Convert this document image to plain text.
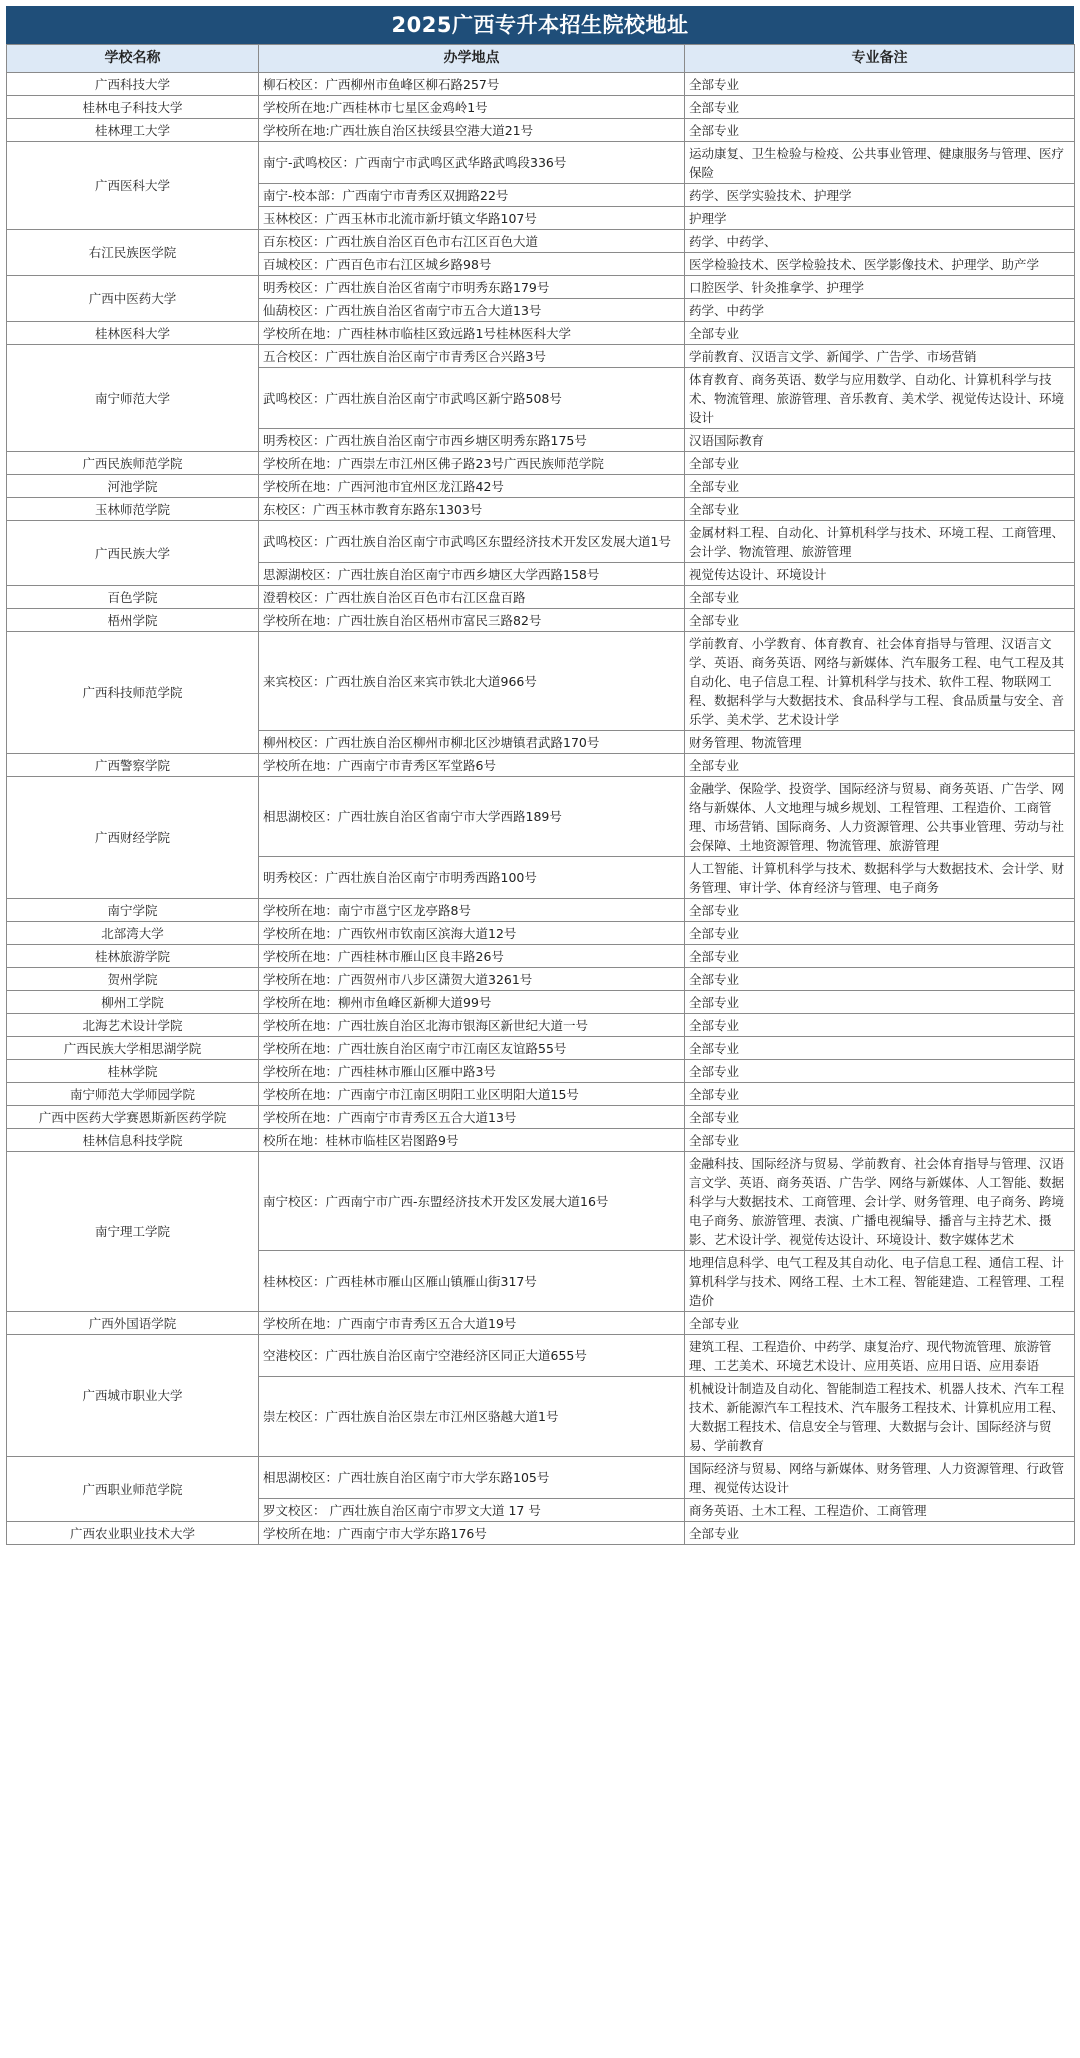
2025广西专升本招生院校地址
学校名称	办学地点	专业备注
广西科技大学	柳石校区：广西柳州市鱼峰区柳石路257号	全部专业
桂林电子科技大学	学校所在地:广西桂林市七星区金鸡岭1号	全部专业
桂林理工大学	学校所在地:广西壮族自治区扶绥县空港大道21号	全部专业
广西医科大学	南宁-武鸣校区：广西南宁市武鸣区武华路武鸣段336号	运动康复、卫生检验与检疫、公共事业管理、健康服务与管理、医疗保险
	南宁-校本部：广西南宁市青秀区双拥路22号	药学、医学实验技术、护理学
	玉林校区：广西玉林市北流市新圩镇文华路107号	护理学
右江民族医学院	百东校区：广西壮族自治区百色市右江区百色大道	药学、中药学、
	百城校区：广西百色市右江区城乡路98号	医学检验技术、医学检验技术、医学影像技术、护理学、助产学
广西中医药大学	明秀校区：广西壮族自治区省南宁市明秀东路179号	口腔医学、针灸推拿学、护理学
	仙葫校区：广西壮族自治区省南宁市五合大道13号	药学、中药学
桂林医科大学	学校所在地：广西桂林市临桂区致远路1号桂林医科大学	全部专业
南宁师范大学	五合校区：广西壮族自治区南宁市青秀区合兴路3号	学前教育、汉语言文学、新闻学、广告学、市场营销
	武鸣校区：广西壮族自治区南宁市武鸣区新宁路508号	体育教育、商务英语、数学与应用数学、自动化、计算机科学与技术、物流管理、旅游管理、音乐教育、美术学、视觉传达设计、环境设计
	明秀校区：广西壮族自治区南宁市西乡塘区明秀东路175号	汉语国际教育
广西民族师范学院	学校所在地：广西崇左市江州区佛子路23号广西民族师范学院	全部专业
河池学院	学校所在地：广西河池市宜州区龙江路42号	全部专业
玉林师范学院	东校区：广西玉林市教育东路东1303号	全部专业
广西民族大学	武鸣校区：广西壮族自治区南宁市武鸣区东盟经济技术开发区发展大道1号	金属材料工程、自动化、计算机科学与技术、环境工程、工商管理、会计学、物流管理、旅游管理
	思源湖校区：广西壮族自治区南宁市西乡塘区大学西路158号	视觉传达设计、环境设计
百色学院	澄碧校区：广西壮族自治区百色市右江区盘百路	全部专业
梧州学院	学校所在地：广西壮族自治区梧州市富民三路82号	全部专业
广西科技师范学院	来宾校区：广西壮族自治区来宾市铁北大道966号	学前教育、小学教育、体育教育、社会体育指导与管理、汉语言文学、英语、商务英语、网络与新媒体、汽车服务工程、电气工程及其自动化、电子信息工程、计算机科学与技术、软件工程、物联网工程、数据科学与大数据技术、食品科学与工程、食品质量与安全、音乐学、美术学、艺术设计学
	柳州校区：广西壮族自治区柳州市柳北区沙塘镇君武路170号	财务管理、物流管理
广西警察学院	学校所在地：广西南宁市青秀区军堂路6号	全部专业
广西财经学院	相思湖校区：广西壮族自治区省南宁市大学西路189号	金融学、保险学、投资学、国际经济与贸易、商务英语、广告学、网络与新媒体、人文地理与城乡规划、工程管理、工程造价、工商管理、市场营销、国际商务、人力资源管理、公共事业管理、劳动与社会保障、土地资源管理、物流管理、旅游管理
	明秀校区：广西壮族自治区南宁市明秀西路100号	人工智能、计算机科学与技术、数据科学与大数据技术、会计学、财务管理、审计学、体育经济与管理、电子商务
南宁学院	学校所在地：南宁市邕宁区龙亭路8号	全部专业
北部湾大学	学校所在地：广西钦州市钦南区滨海大道12号	全部专业
桂林旅游学院	学校所在地：广西桂林市雁山区良丰路26号	全部专业
贺州学院	学校所在地：广西贺州市八步区潇贺大道3261号	全部专业
柳州工学院	学校所在地：柳州市鱼峰区新柳大道99号	全部专业
北海艺术设计学院	学校所在地：广西壮族自治区北海市银海区新世纪大道一号	全部专业
广西民族大学相思湖学院	学校所在地：广西壮族自治区南宁市江南区友谊路55号	全部专业
桂林学院	学校所在地：广西桂林市雁山区雁中路3号	全部专业
南宁师范大学师园学院	学校所在地：广西南宁市江南区明阳工业区明阳大道15号	全部专业
广西中医药大学赛恩斯新医药学院	学校所在地：广西南宁市青秀区五合大道13号	全部专业
桂林信息科技学院	校所在地：桂林市临桂区岩图路9号	全部专业
南宁理工学院	南宁校区：广西南宁市广西-东盟经济技术开发区发展大道16号	金融科技、国际经济与贸易、学前教育、社会体育指导与管理、汉语言文学、英语、商务英语、广告学、网络与新媒体、人工智能、数据科学与大数据技术、工商管理、会计学、财务管理、电子商务、跨境电子商务、旅游管理、表演、广播电视编导、播音与主持艺术、摄影、艺术设计学、视觉传达设计、环境设计、数字媒体艺术
	桂林校区：广西桂林市雁山区雁山镇雁山街317号	地理信息科学、电气工程及其自动化、电子信息工程、通信工程、计算机科学与技术、网络工程、土木工程、智能建造、工程管理、工程造价
广西外国语学院	学校所在地：广西南宁市青秀区五合大道19号	全部专业
广西城市职业大学	空港校区：广西壮族自治区南宁空港经济区同正大道655号	建筑工程、工程造价、中药学、康复治疗、现代物流管理、旅游管理、工艺美术、环境艺术设计、应用英语、应用日语、应用泰语
	崇左校区：广西壮族自治区崇左市江州区骆越大道1号	机械设计制造及自动化、智能制造工程技术、机器人技术、汽车工程技术、新能源汽车工程技术、汽车服务工程技术、计算机应用工程、大数据工程技术、信息安全与管理、大数据与会计、国际经济与贸易、学前教育
广西职业师范学院	相思湖校区：广西壮族自治区南宁市大学东路105号	国际经济与贸易、网络与新媒体、财务管理、人力资源管理、行政管理、视觉传达设计
	罗文校区： 广西壮族自治区南宁市罗文大道 17 号	商务英语、土木工程、工程造价、工商管理
广西农业职业技术大学	学校所在地：广西南宁市大学东路176号	全部专业
